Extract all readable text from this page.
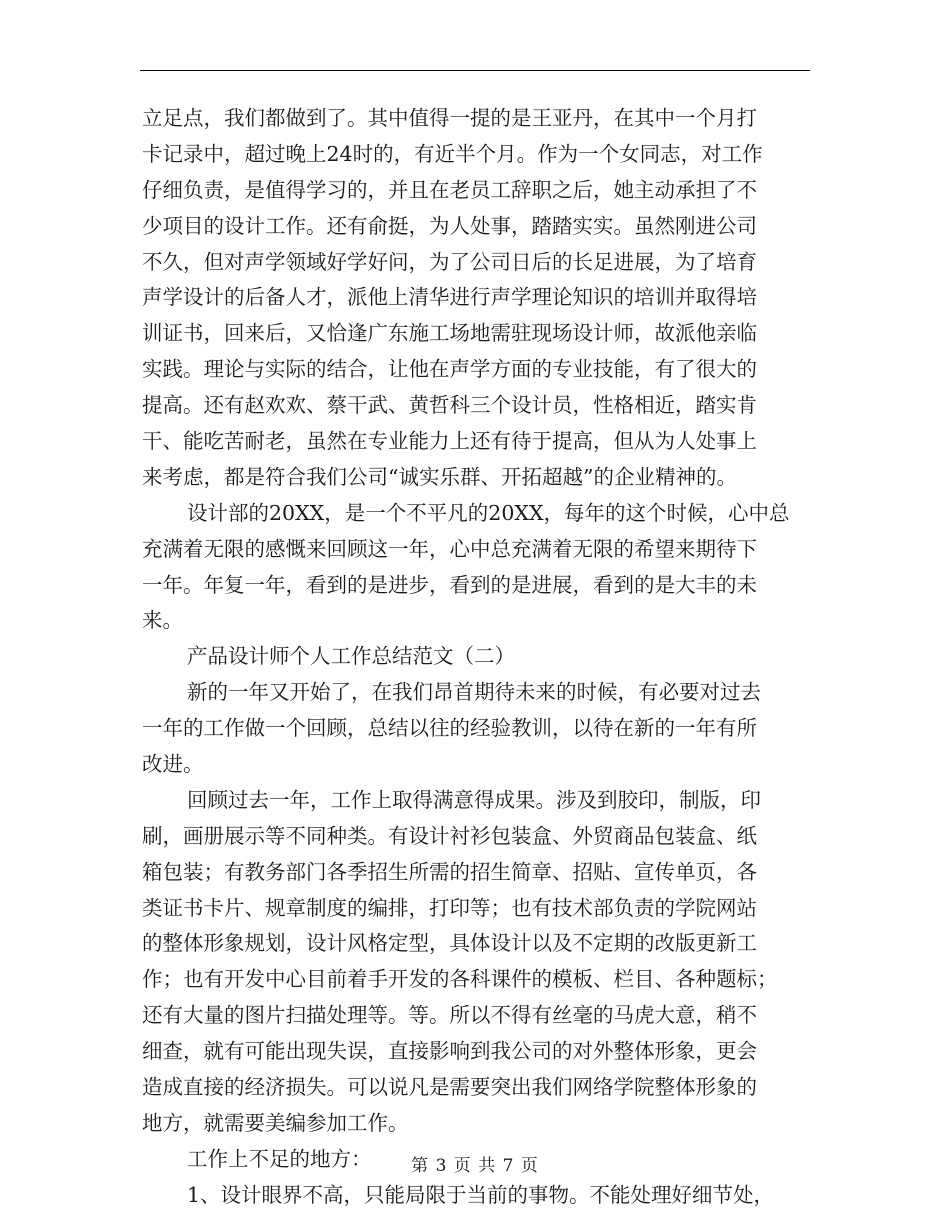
立足点，我们都做到了。其中值得一提的是王亚丹，在其中一个月打
卡记录中，超过晚上24时的，有近半个月。作为一个女同志，对工作
仔细负责，是值得学习的，并且在老员工辞职之后，她主动承担了不
少项目的设计工作。还有俞挺，为人处事，踏踏实实。虽然刚进公司
不久，但对声学领域好学好问，为了公司日后的长足进展，为了培育
声学设计的后备人才，派他上清华进行声学理论知识的培训并取得培
训证书，回来后，又恰逢广东施工场地需驻现场设计师，故派他亲临
实践。理论与实际的结合，让他在声学方面的专业技能，有了很大的
提高。还有赵欢欢、蔡干武、黄哲科三个设计员，性格相近，踏实肯
干、能吃苦耐老，虽然在专业能力上还有待于提高，但从为人处事上
来考虑，都是符合我们公司“诚实乐群、开拓超越”的企业精神的。
设计部的20XX，是一个不平凡的20XX，每年的这个时候，心中总
充满着无限的感慨来回顾这一年，心中总充满着无限的希望来期待下
一年。年复一年，看到的是进步，看到的是进展，看到的是大丰的未
来。
产品设计师个人工作总结范文（二）
新的一年又开始了，在我们昂首期待未来的时候，有必要对过去
一年的工作做一个回顾，总结以往的经验教训，以待在新的一年有所
改进。
回顾过去一年，工作上取得满意得成果。涉及到胶印，制版，印
刷，画册展示等不同种类。有设计衬衫包装盒、外贸商品包装盒、纸
箱包装；有教务部门各季招生所需的招生简章、招贴、宣传单页，各
类证书卡片、规章制度的编排，打印等；也有技术部负责的学院网站
的整体形象规划，设计风格定型，具体设计以及不定期的改版更新工
作；也有开发中心目前着手开发的各科课件的模板、栏目、各种题标；
还有大量的图片扫描处理等。等。所以不得有丝毫的马虎大意，稍不
细查，就有可能出现失误，直接影响到我公司的对外整体形象，更会
造成直接的经济损失。可以说凡是需要突出我们网络学院整体形象的
地方，就需要美编参加工作。
工作上不足的地方：
1、设计眼界不高，只能局限于当前的事物。不能处理好细节处，
第 3 页 共 7 页
